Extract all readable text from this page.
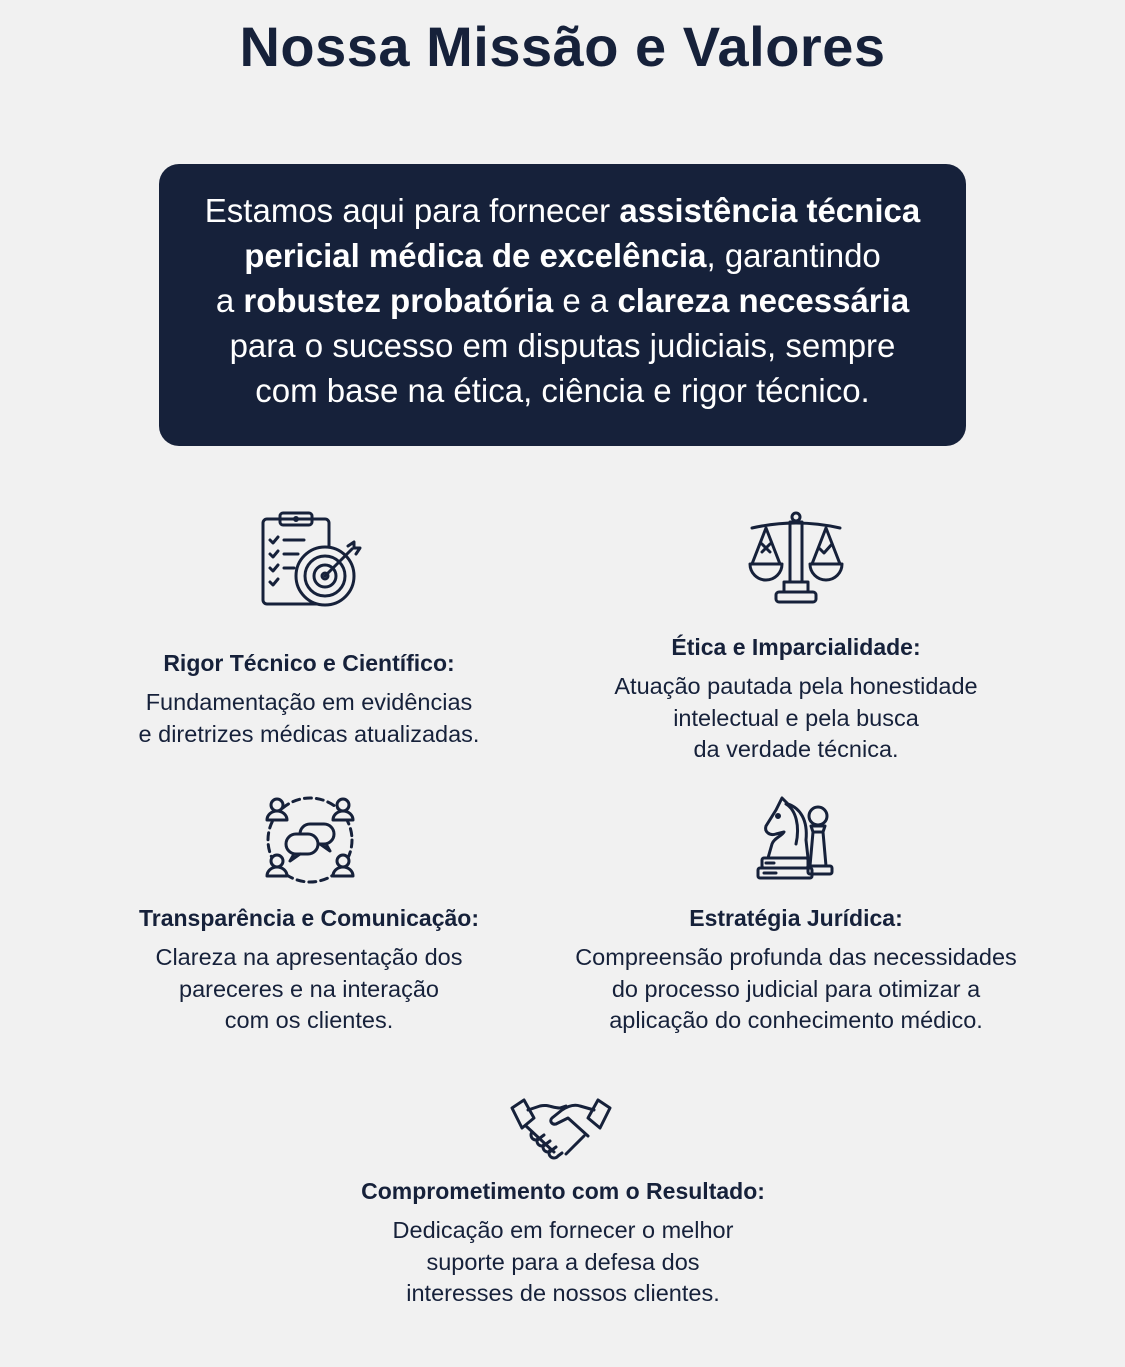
Nossa Missão e Valores
Estamos aqui para fornecer assistência técnica
pericial médica de excelência, garantindo
a robustez probatória e a clareza necessária
para o sucesso em disputas judiciais, sempre
com base na ética, ciência e rigor técnico.

Rigor Técnico e Científico:

Fundamentação em evidências
e diretrizes médicas atualizadas.

Ética e Imparcialidade:

Atuação pautada pela honestidade
intelectual e pela busca
da verdade técnica.

Transparência e Comunicação:

Clareza na apresentação dos
pareceres e na interação
com os clientes.

Estratégia Jurídica:

Compreensão profunda das necessidades
do processo judicial para otimizar a
aplicação do conhecimento médico.

Comprometimento com o Resultado:

Dedicação em fornecer o melhor
suporte para a defesa dos
interesses de nossos clientes.
